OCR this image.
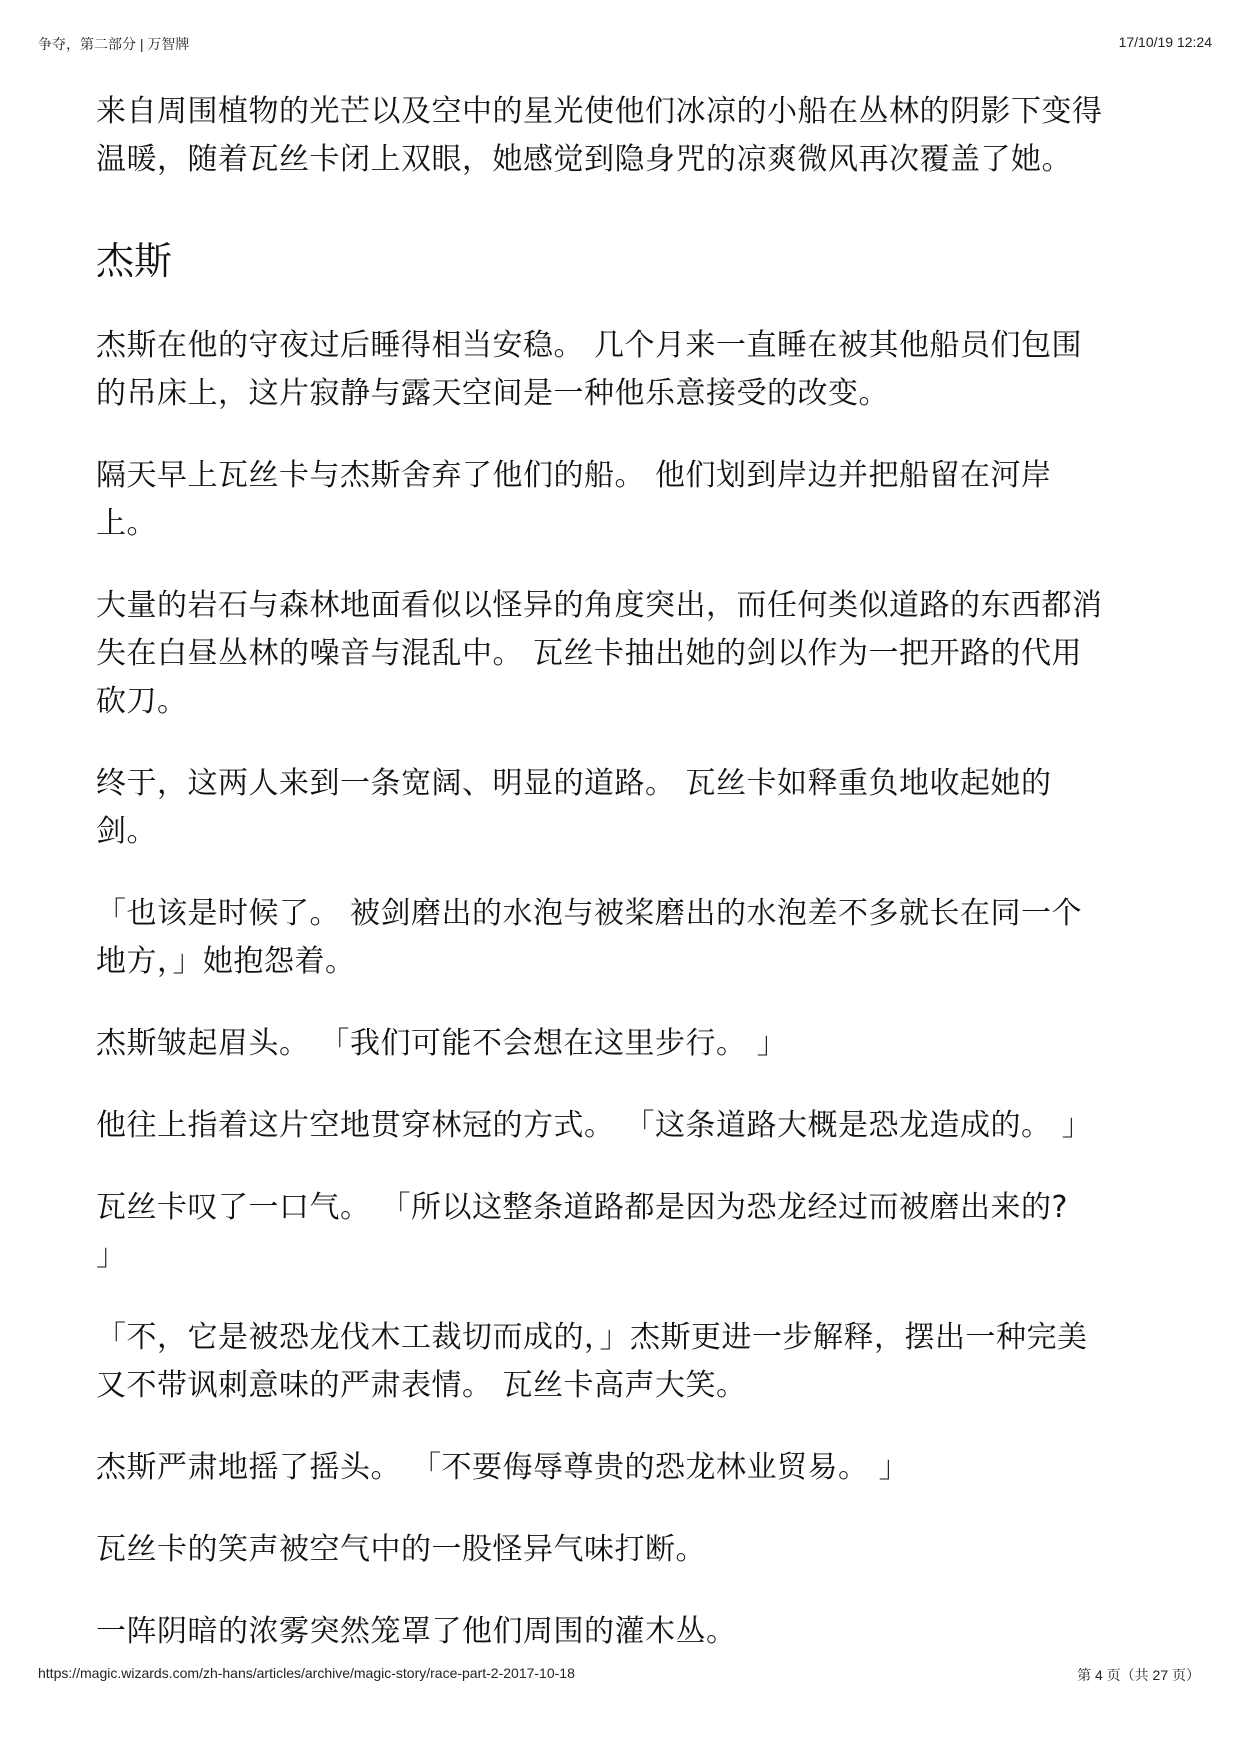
争夺，第二部分 | 万智牌	17/10/19 12:24

来自周围植物的光芒以及空中的星光使他们冰凉的小船在丛林的阴影下变得
温暖，随着瓦丝卡闭上双眼，她感觉到隐身咒的凉爽微风再次覆盖了她。

杰斯

杰斯在他的守夜过后睡得相当安稳。 几个月来一直睡在被其他船员们包围
的吊床上，这片寂静与露天空间是一种他乐意接受的改变。

隔天早上瓦丝卡与杰斯舍弃了他们的船。 他们划到岸边并把船留在河岸
上。

大量的岩石与森林地面看似以怪异的角度突出，而任何类似道路的东西都消
失在白昼丛林的噪音与混乱中。 瓦丝卡抽出她的剑以作为一把开路的代用
砍刀。

终于，这两人来到一条宽阔、明显的道路。 瓦丝卡如释重负地收起她的
剑。

「也该是时候了。 被剑磨出的水泡与被桨磨出的水泡差不多就长在同一个
地方，」她抱怨着。

杰斯皱起眉头。 「我们可能不会想在这里步行。 」

他往上指着这片空地贯穿林冠的方式。 「这条道路大概是恐龙造成的。 」

瓦丝卡叹了一口气。 「所以这整条道路都是因为恐龙经过而被磨出来的?
」

「不，它是被恐龙伐木工裁切而成的，」杰斯更进一步解释，摆出一种完美
又不带讽刺意味的严肃表情。 瓦丝卡高声大笑。

杰斯严肃地摇了摇头。 「不要侮辱尊贵的恐龙林业贸易。 」

瓦丝卡的笑声被空气中的一股怪异气味打断。

一阵阴暗的浓雾突然笼罩了他们周围的灌木丛。

https://magic.wizards.com/zh-hans/articles/archive/magic-story/race-part-2-2017-10-18	第 4 页（共 27 页）
